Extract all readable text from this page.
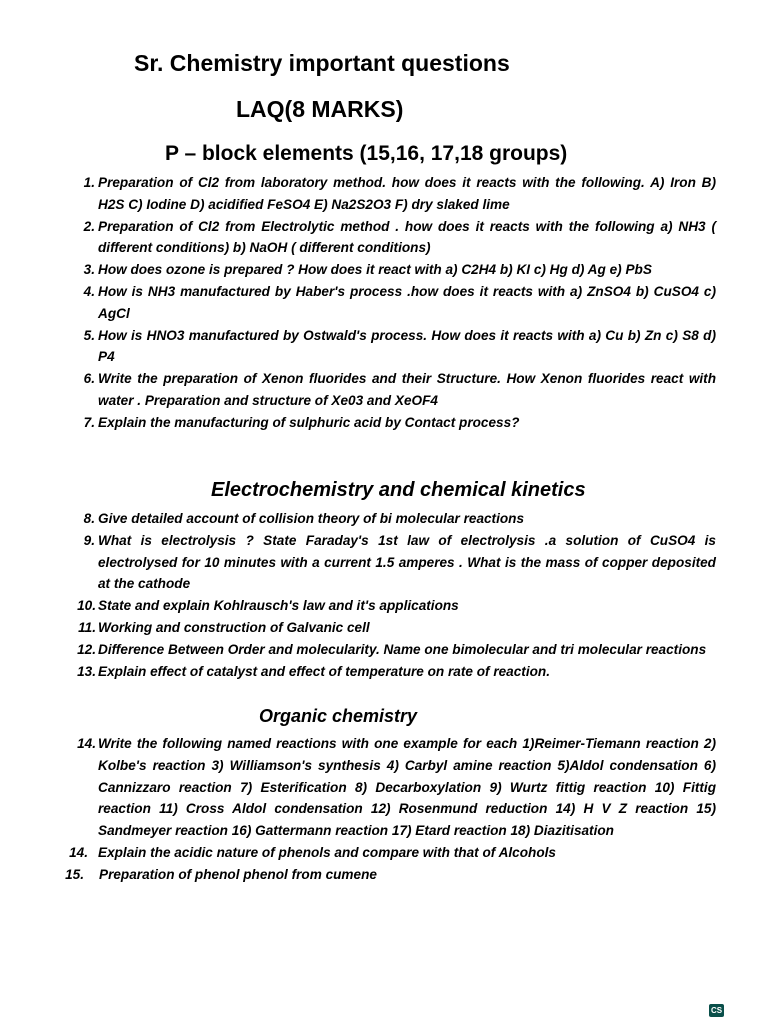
Sr. Chemistry important questions
LAQ(8 MARKS)
P – block elements (15,16, 17,18 groups)
1. Preparation of Cl2 from laboratory method. how does it reacts with the following. A) Iron B) H2S C) Iodine D) acidified FeSO4 E) Na2S2O3 F) dry slaked lime
2. Preparation of Cl2 from Electrolytic method . how does it reacts with the following a) NH3 ( different conditions) b) NaOH ( different conditions)
3. How does ozone is prepared ? How does it react with a) C2H4 b) KI c) Hg d) Ag e) PbS
4. How is NH3 manufactured by Haber's process .how does it reacts with a) ZnSO4 b) CuSO4 c) AgCl
5. How is HNO3 manufactured by Ostwald's process. How does it reacts with a) Cu b) Zn c) S8 d) P4
6. Write the preparation of Xenon fluorides and their Structure. How Xenon fluorides react with water . Preparation and structure of Xe03 and XeOF4
7. Explain the manufacturing of sulphuric acid by Contact process?
Electrochemistry and chemical kinetics
8. Give detailed account of collision theory of bi molecular reactions
9. What is electrolysis ? State Faraday's 1st law of electrolysis .a solution of CuSO4 is electrolysed for 10 minutes with a current 1.5 amperes . What is the mass of copper deposited at the cathode
10. State and explain Kohlrausch's law and it's applications
11. Working and construction of Galvanic cell
12. Difference Between Order and molecularity. Name one bimolecular and tri molecular reactions
13. Explain effect of catalyst and effect of temperature on rate of reaction.
Organic chemistry
14. Write the following named reactions with one example for each 1)Reimer-Tiemann reaction 2) Kolbe's reaction 3) Williamson's synthesis 4) Carbyl amine reaction 5)Aldol condensation 6) Cannizzaro reaction 7) Esterification 8) Decarboxylation 9) Wurtz fittig reaction 10) Fittig reaction 11) Cross Aldol condensation 12) Rosenmund reduction 14) H V Z reaction 15) Sandmeyer reaction 16) Gattermann reaction 17) Etard reaction 18) Diazitisation
14. Explain the acidic nature of phenols and compare with that of Alcohols
15. Preparation of phenol phenol from cumene
CS
